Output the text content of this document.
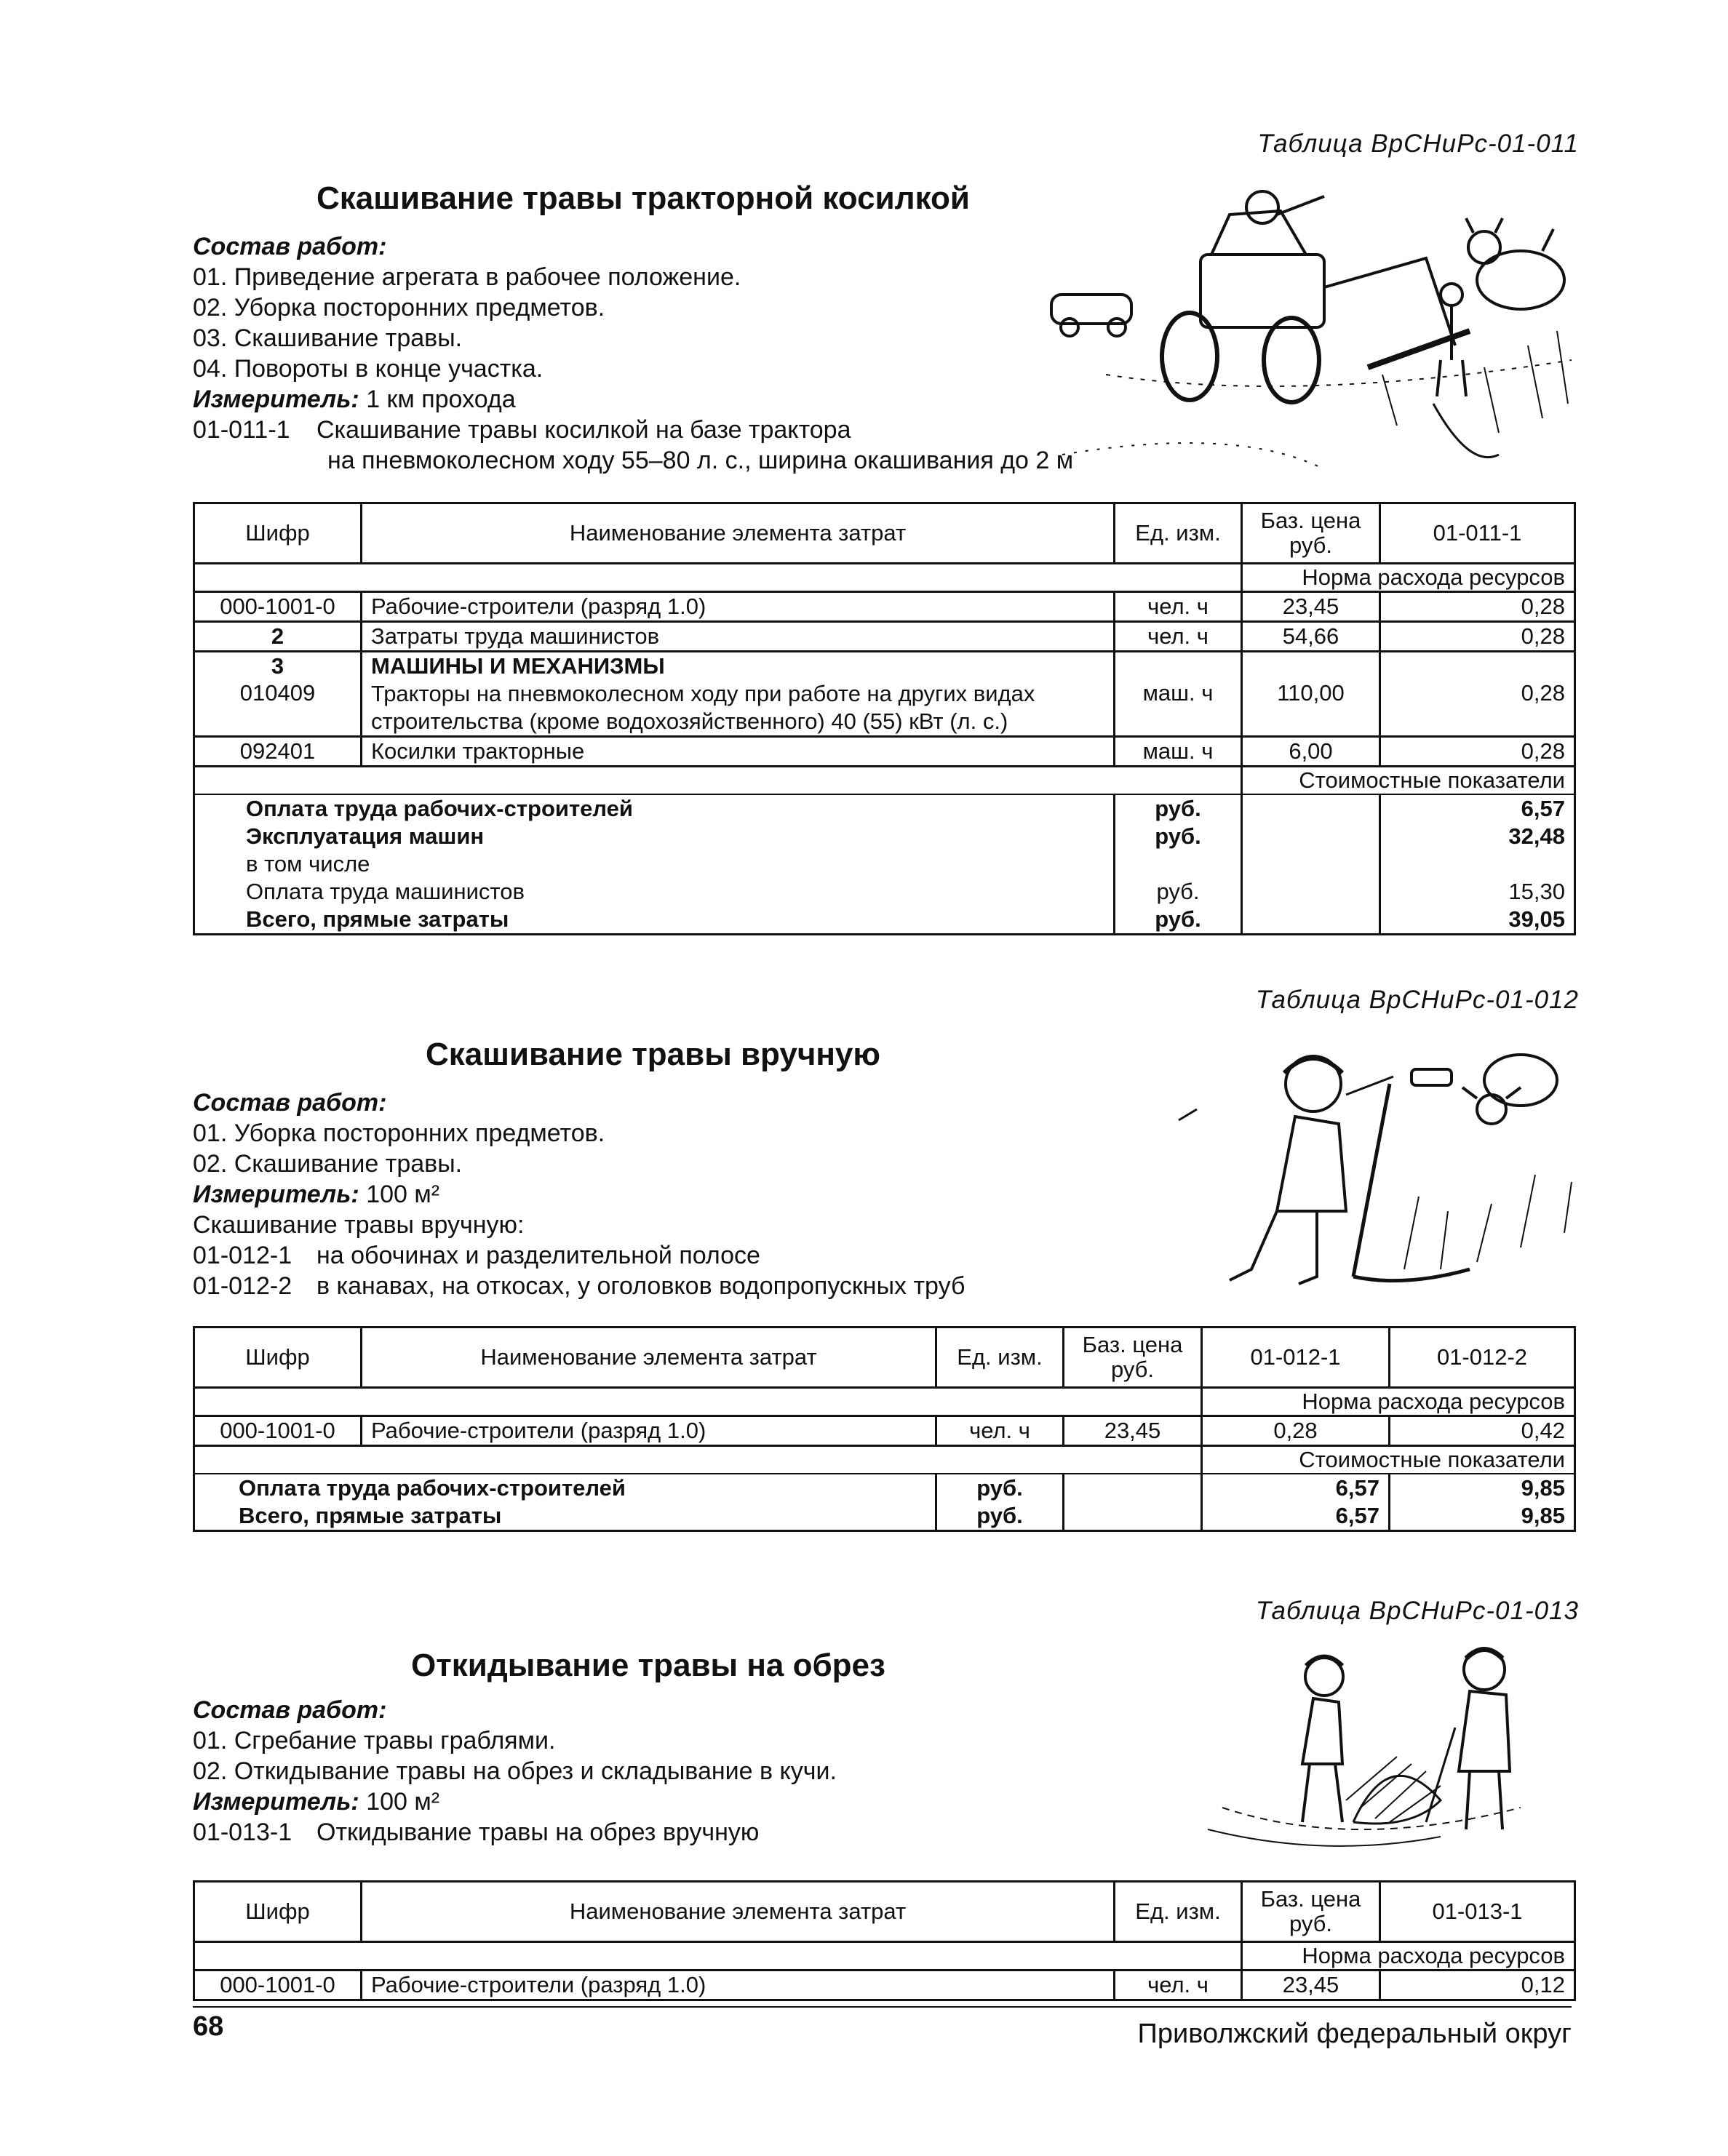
Таблица ВрСНиРс-01-011
Скашивание травы тракторной косилкой
Состав работ:
01. Приведение агрегата в рабочее положение.
02. Уборка посторонних предметов.
03. Скашивание травы.
04. Повороты в конце участка.
Измеритель: 1 км прохода
01-011-1 Скашивание травы косилкой на базе трактора
на пневмоколесном ходу 55–80 л. с., ширина окашивания до 2 м
Шифр	Наименование элемента затрат	Ед. изм.	Баз. цена руб.	01-011-1
			Норма расхода ресурсов	
000-1001-0	Рабочие-строители (разряд 1.0)	чел. ч	23,45	0,28
2	Затраты труда машинистов	чел. ч	54,66	0,28
3	МАШИНЫ И МЕХАНИЗМЫ			
010409	Тракторы на пневмоколесном ходу при работе на других видах
строительства (кроме водохозяйственного) 40 (55) кВт (л. с.)	маш. ч	110,00	0,28
092401	Косилки тракторные	маш. ч	6,00	0,28
			Стоимостные показатели	
Оплата труда рабочих-строителей		руб.		6,57
Эксплуатация машин		руб.		32,48
в том числе				
Оплата труда машинистов		руб.		15,30
Всего, прямые затраты		руб.		39,05
Таблица ВрСНиРс-01-012
Скашивание травы вручную
Состав работ:
01. Уборка посторонних предметов.
02. Скашивание травы.
Измеритель: 100 м²
Скашивание травы вручную:
01-012-1 на обочинах и разделительной полосе
01-012-2 в канавах, на откосах, у оголовков водопропускных труб
Шифр	Наименование элемента затрат	Ед. изм.	Баз. цена руб.	01-012-1	01-012-2
				Норма расхода ресурсов	
000-1001-0	Рабочие-строители (разряд 1.0)	чел. ч	23,45	0,28	0,42
				Стоимостные показатели	
Оплата труда рабочих-строителей		руб.		6,57	9,85
Всего, прямые затраты		руб.		6,57	9,85
Таблица ВрСНиРс-01-013
Откидывание травы на обрез
Состав работ:
01. Сгребание травы граблями.
02. Откидывание травы на обрез и складывание в кучи.
Измеритель: 100 м²
01-013-1 Откидывание травы на обрез вручную
Шифр	Наименование элемента затрат	Ед. изм.	Баз. цена руб.	01-013-1
			Норма расхода ресурсов	
000-1001-0	Рабочие-строители (разряд 1.0)	чел. ч	23,45	0,12
68	Приволжский федеральный округ
